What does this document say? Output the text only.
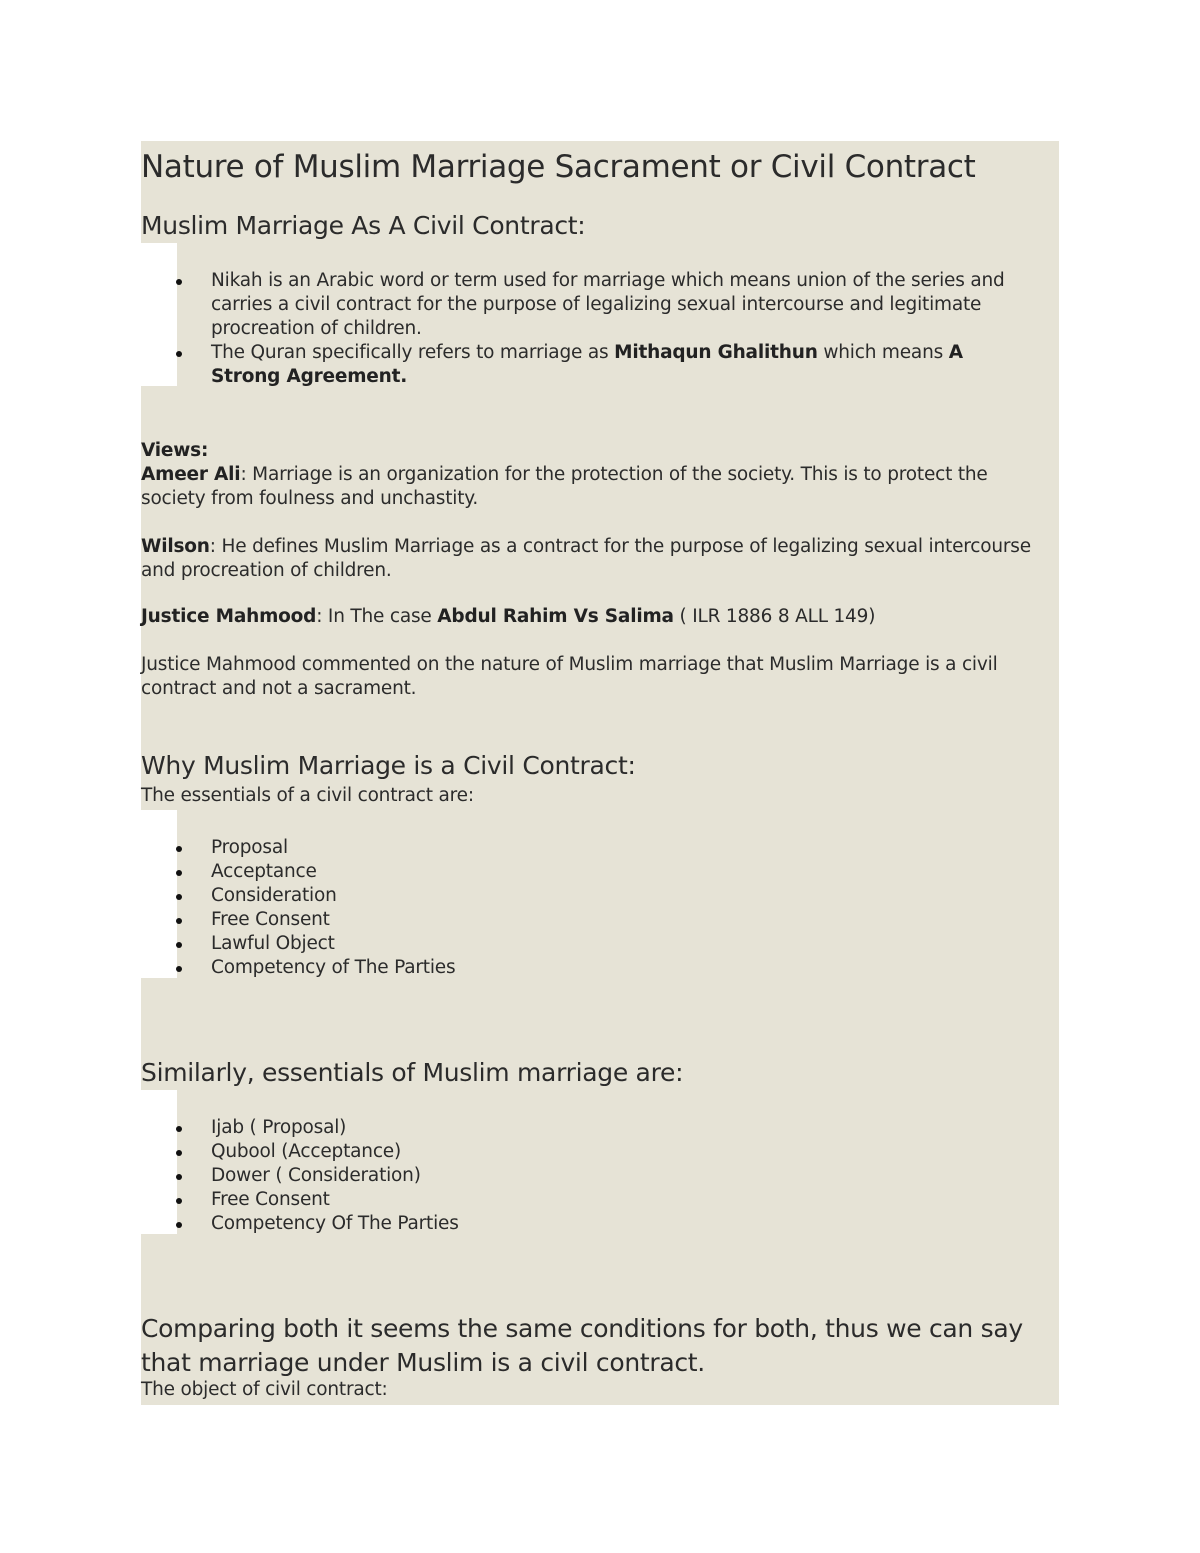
Nature of Muslim Marriage Sacrament or Civil Contract
Muslim Marriage As A Civil Contract:
Nikah is an Arabic word or term used for marriage which means union of the series and carries a civil contract for the purpose of legalizing sexual intercourse and legitimate procreation of children.
The Quran specifically refers to marriage as Mithaqun Ghalithun which means A Strong Agreement.
Views:
Ameer Ali: Marriage is an organization for the protection of the society. This is to protect the society from foulness and unchastity.
Wilson: He defines Muslim Marriage as a contract for the purpose of legalizing sexual intercourse and procreation of children.
Justice Mahmood: In The case Abdul Rahim Vs Salima ( ILR 1886 8 ALL 149)
Justice Mahmood commented on the nature of Muslim marriage that Muslim Marriage is a civil contract and not a sacrament.
Why Muslim Marriage is a Civil Contract:
The essentials of a civil contract are:
Proposal
Acceptance
Consideration
Free Consent
Lawful Object
Competency of The Parties
Similarly, essentials of Muslim marriage are:
Ijab ( Proposal)
Qubool (Acceptance)
Dower ( Consideration)
Free Consent
Competency Of The Parties
Comparing both it seems the same conditions for both, thus we can say that marriage under Muslim is a civil contract.
The object of civil contract:
